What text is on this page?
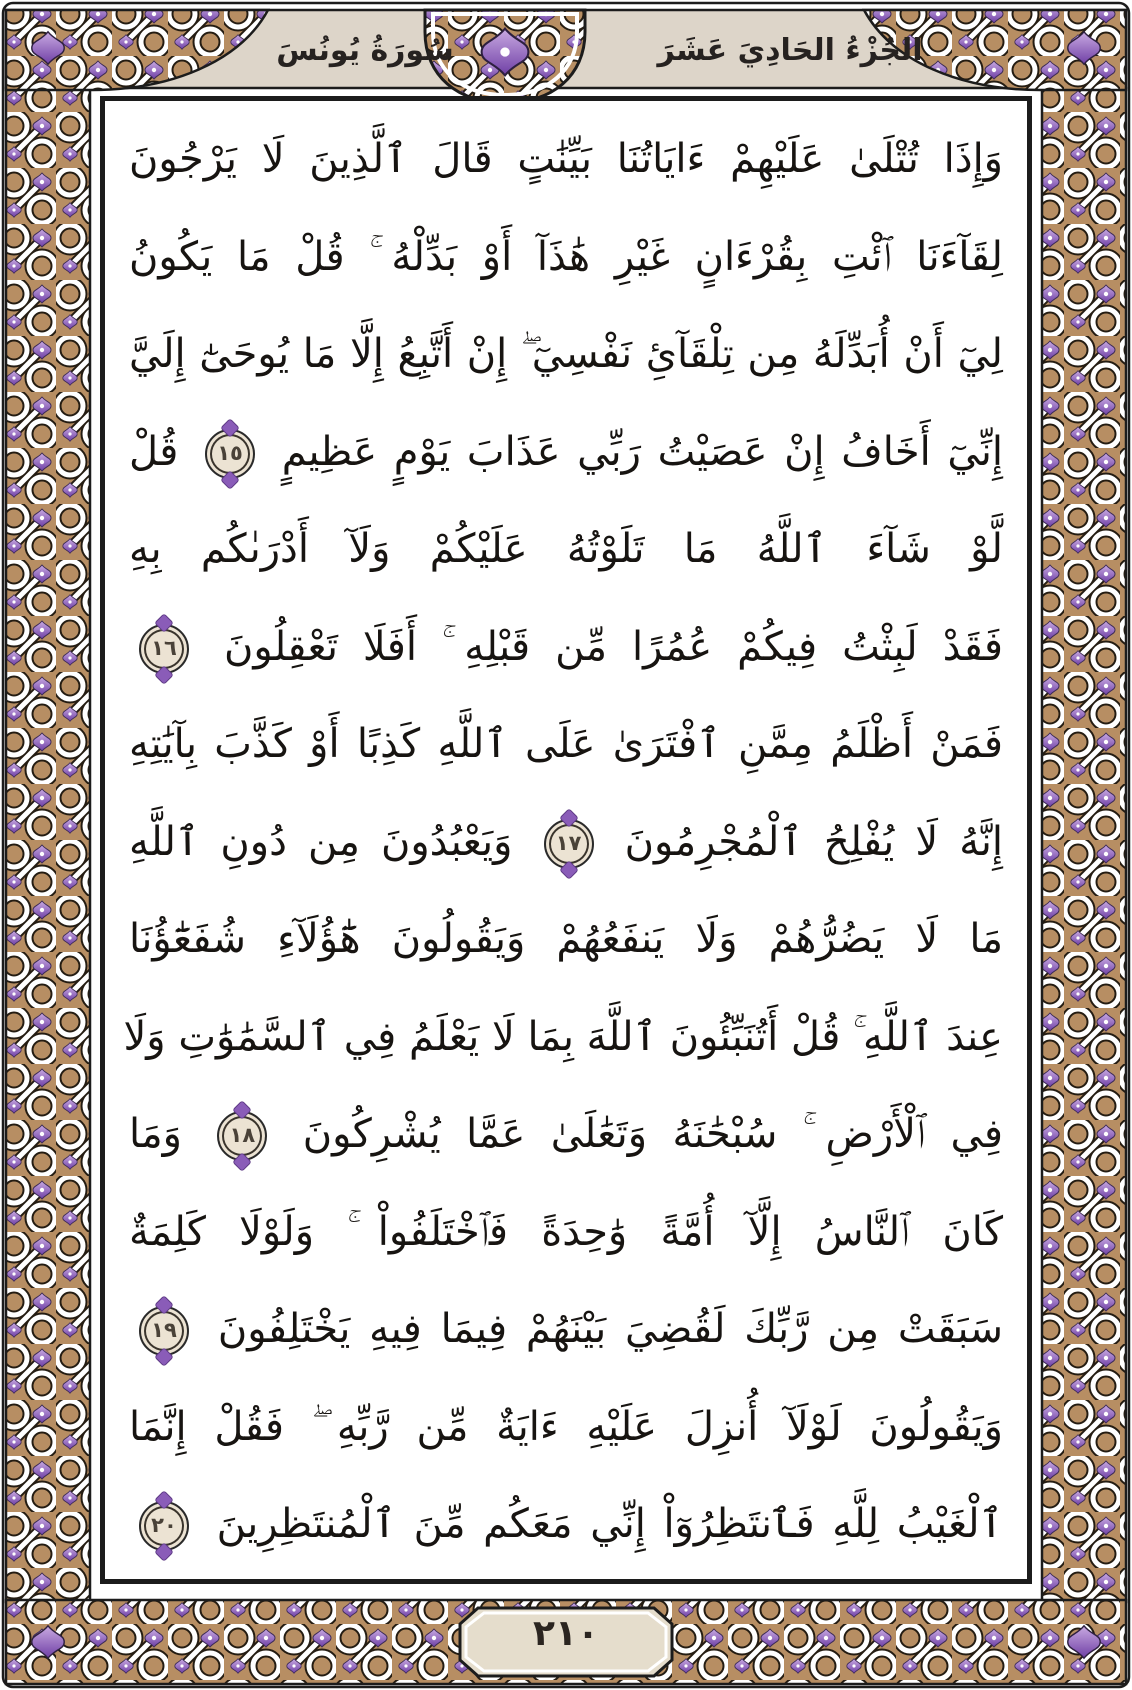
سُورَةُ يُونُسَ	الجُزْءُ الحَادِيَ عَشَرَ
وَإِذَا تُتْلَىٰ عَلَيْهِمْ ءَايَاتُنَا بَيِّنَٰتٍ قَالَ ٱلَّذِينَ لَا يَرْجُونَ
لِقَآءَنَا ٱئْتِ بِقُرْءَانٍ غَيْرِ هَٰذَآ أَوْ بَدِّلْهُ ۚ قُلْ مَا يَكُونُ
لِيٓ أَنْ أُبَدِّلَهُ مِن تِلْقَآئِ نَفْسِيٓ ۖ إِنْ أَتَّبِعُ إِلَّا مَا يُوحَىٰٓ إِلَيَّ
إِنِّيٓ أَخَافُ إِنْ عَصَيْتُ رَبِّي عَذَابَ يَوْمٍ عَظِيمٍ ١٥ قُلْ
لَّوْ شَآءَ ٱللَّهُ مَا تَلَوْتُهُ عَلَيْكُمْ وَلَآ أَدْرَىٰكُم بِهِ
فَقَدْ لَبِثْتُ فِيكُمْ عُمُرًا مِّن قَبْلِهِ ۚ أَفَلَا تَعْقِلُونَ ١٦
فَمَنْ أَظْلَمُ مِمَّنِ ٱفْتَرَىٰ عَلَى ٱللَّهِ كَذِبًا أَوْ كَذَّبَ بِآيَٰتِهِ
إِنَّهُ لَا يُفْلِحُ ٱلْمُجْرِمُونَ ١٧ وَيَعْبُدُونَ مِن دُونِ ٱللَّهِ
مَا لَا يَضُرُّهُمْ وَلَا يَنفَعُهُمْ وَيَقُولُونَ هَٰٓؤُلَآءِ شُفَعَٰٓؤُنَا
عِندَ ٱللَّهِ ۚ قُلْ أَتُنَبِّئُونَ ٱللَّهَ بِمَا لَا يَعْلَمُ فِي ٱلسَّمَٰوَٰتِ وَلَا
فِي ٱلْأَرْضِ ۚ سُبْحَٰنَهُ وَتَعَٰلَىٰ عَمَّا يُشْرِكُونَ ١٨ وَمَا
كَانَ ٱلنَّاسُ إِلَّآ أُمَّةً وَٰحِدَةً فَٱخْتَلَفُواْ ۚ وَلَوْلَا كَلِمَةٌ
سَبَقَتْ مِن رَّبِّكَ لَقُضِيَ بَيْنَهُمْ فِيمَا فِيهِ يَخْتَلِفُونَ ١٩
وَيَقُولُونَ لَوْلَآ أُنزِلَ عَلَيْهِ ءَايَةٌ مِّن رَّبِّهِ ۖ فَقُلْ إِنَّمَا
ٱلْغَيْبُ لِلَّهِ فَٱنتَظِرُوٓاْ إِنِّي مَعَكُم مِّنَ ٱلْمُنتَظِرِينَ ٢٠
٢١٠
